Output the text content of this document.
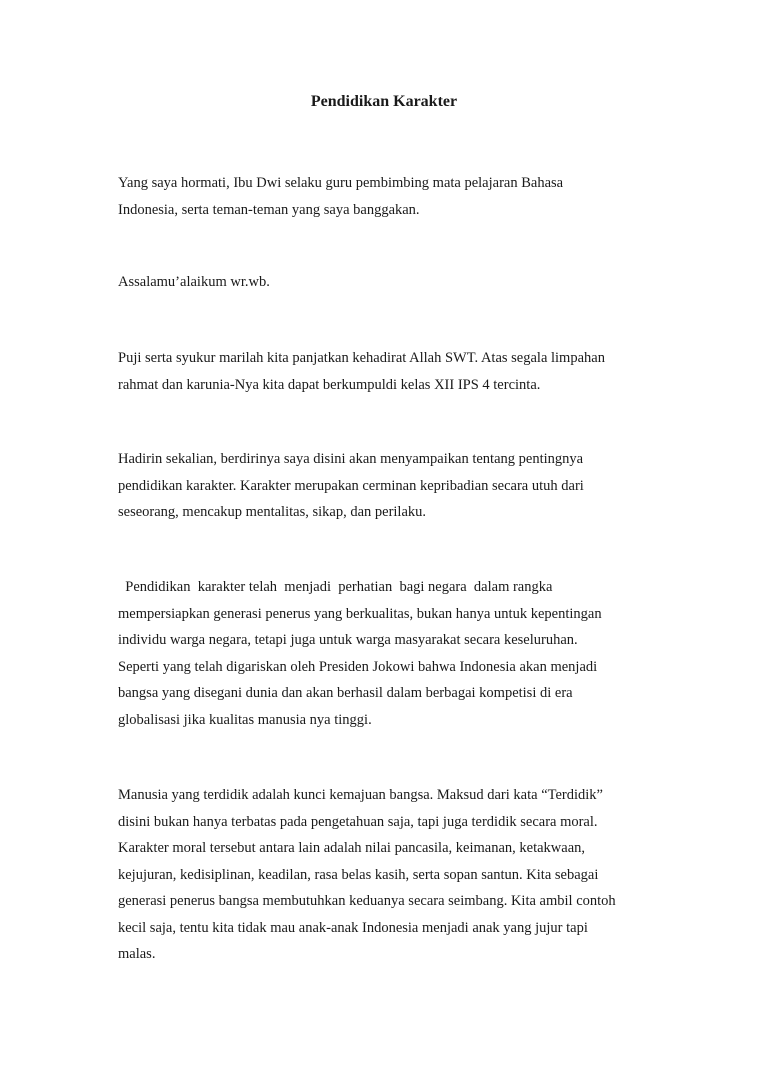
Pendidikan Karakter
Yang saya hormati, Ibu Dwi selaku guru pembimbing mata pelajaran Bahasa
Indonesia, serta teman-teman yang saya banggakan.
Assalamu’alaikum wr.wb.
Puji serta syukur marilah kita panjatkan kehadirat Allah SWT. Atas segala limpahan
rahmat dan karunia-Nya kita dapat berkumpuldi kelas XII IPS 4 tercinta.
Hadirin sekalian, berdirinya saya disini akan menyampaikan tentang pentingnya
pendidikan karakter. Karakter merupakan cerminan kepribadian secara utuh dari
seseorang, mencakup mentalitas, sikap, dan perilaku.
Pendidikan  karakter telah  menjadi  perhatian  bagi negara  dalam rangka
mempersiapkan generasi penerus yang berkualitas, bukan hanya untuk kepentingan
individu warga negara, tetapi juga untuk warga masyarakat secara keseluruhan.
Seperti yang telah digariskan oleh Presiden Jokowi bahwa Indonesia akan menjadi
bangsa yang disegani dunia dan akan berhasil dalam berbagai kompetisi di era
globalisasi jika kualitas manusia nya tinggi.
Manusia yang terdidik adalah kunci kemajuan bangsa. Maksud dari kata “Terdidik”
disini bukan hanya terbatas pada pengetahuan saja, tapi juga terdidik secara moral.
Karakter moral tersebut antara lain adalah nilai pancasila, keimanan, ketakwaan,
kejujuran, kedisiplinan, keadilan, rasa belas kasih, serta sopan santun. Kita sebagai
generasi penerus bangsa membutuhkan keduanya secara seimbang. Kita ambil contoh
kecil saja, tentu kita tidak mau anak-anak Indonesia menjadi anak yang jujur tapi
malas.
